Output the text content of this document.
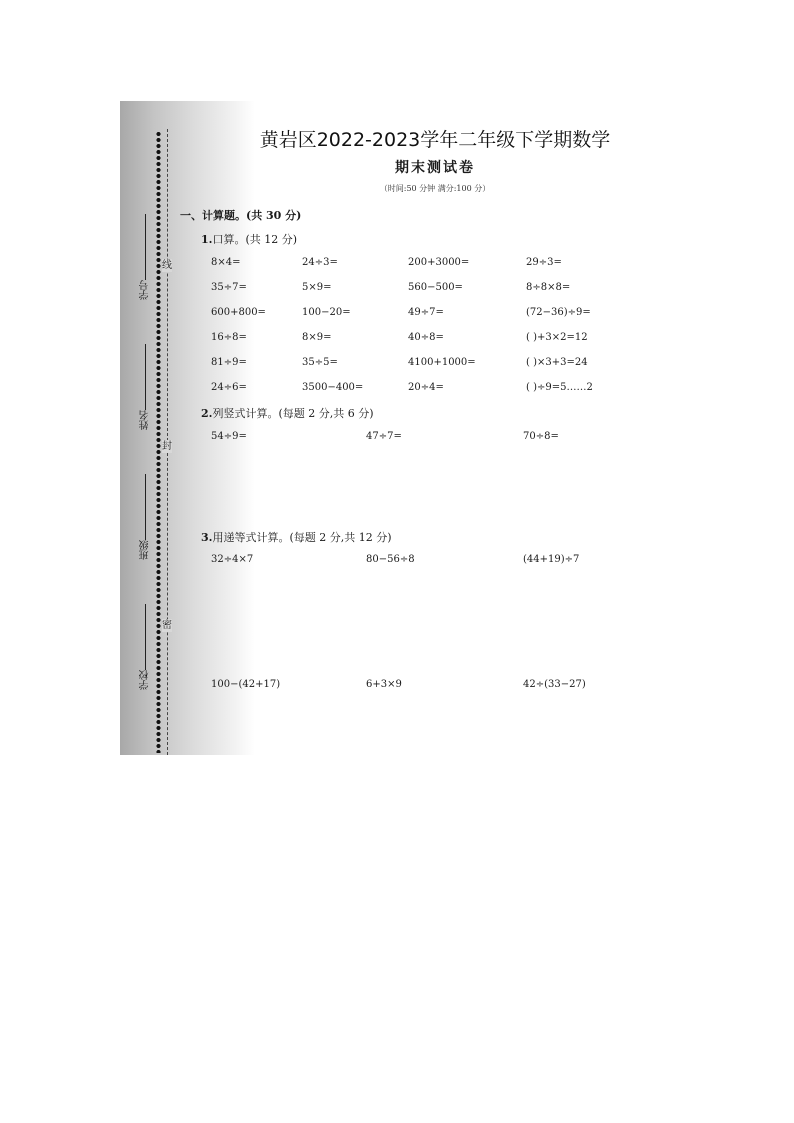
线
封
密
学号
姓名
班级
学校
黄岩区2022-2023学年二年级下学期数学
期末测试卷
（时间:50 分钟 满分:100 分）
一、计算题。(共 30 分)
1.口算。(共 12 分)
8×4=	24÷3=	200+3000=	29÷3=
35÷7=	5×9=	560−500=	8÷8×8=
600+800=	100−20=	49÷7=	(72−36)÷9=
16÷8=	8×9=	40÷8=	( )+3×2=12
81÷9=	35÷5=	4100+1000=	( )×3+3=24
24÷6=	3500−400=	20÷4=	( )÷9=5……2
2.列竖式计算。(每题 2 分,共 6 分)
54÷9=	47÷7=	70÷8=
3.用递等式计算。(每题 2 分,共 12 分)
32÷4×7	80−56÷8	(44+19)÷7
100−(42+17)	6+3×9	42÷(33−27)
